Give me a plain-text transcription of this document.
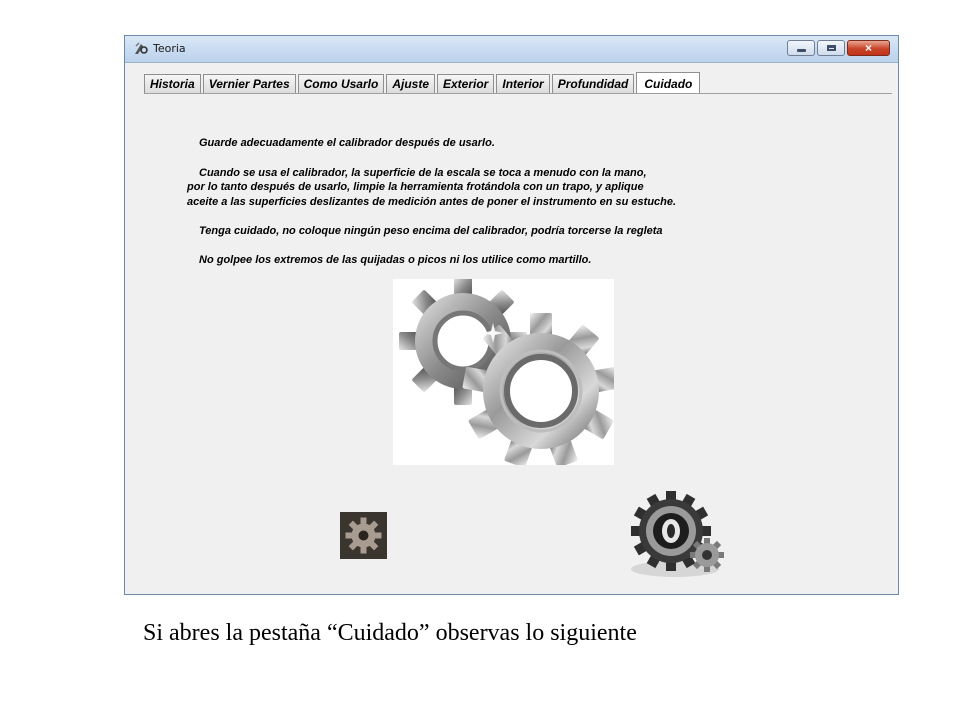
Teoria	×
Historia	Vernier Partes	Como Usarlo	Ajuste	Exterior	Interior	Profundidad	Cuidado
Guarde adecuadamente el calibrador después de usarlo.
Cuando se usa el calibrador, la superficie de la escala se toca a menudo con la mano,
por lo tanto después de usarlo, limpie la herramienta frotándola con un trapo, y aplique
aceite a las superficies deslizantes de medición antes de poner el instrumento en su estuche.
Tenga cuidado, no coloque ningún peso encima del calibrador, podría torcerse la regleta
No golpee los extremos de las quijadas o picos ni los utilice como martillo.
Si abres la pestaña “Cuidado” observas lo siguiente
